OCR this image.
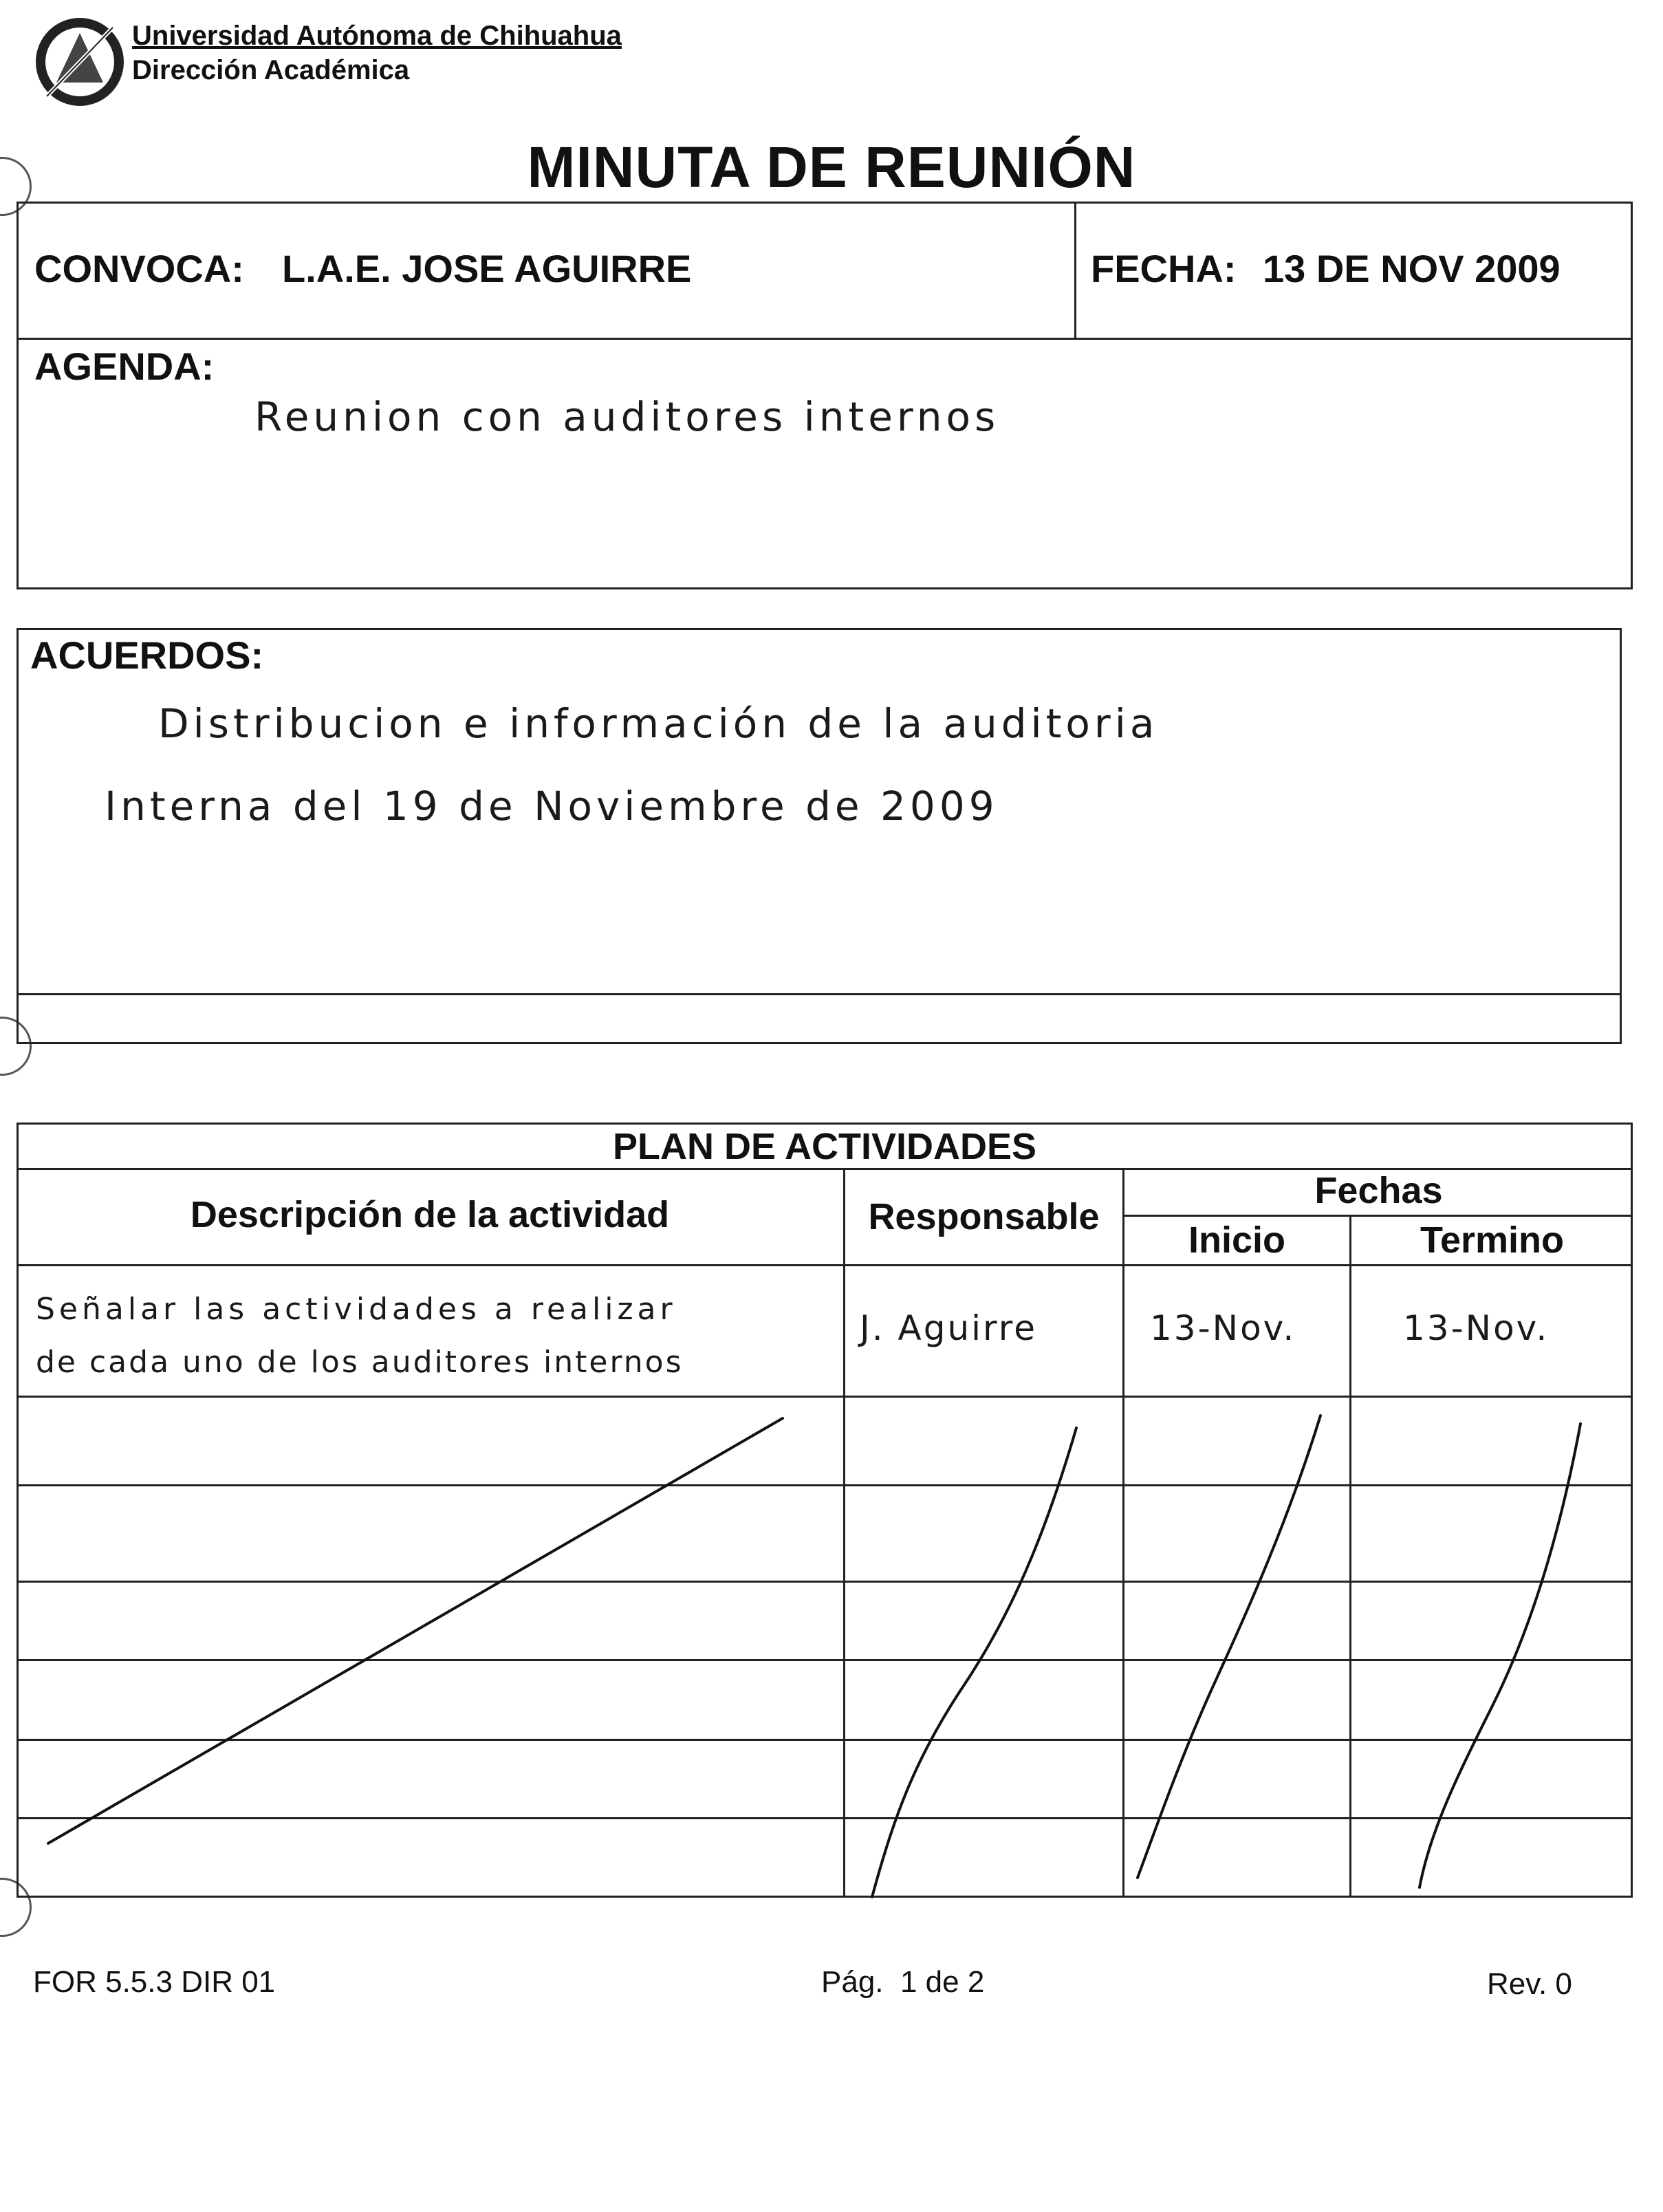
Universidad Autónoma de Chihuahua
Dirección Académica
MINUTA DE REUNIÓN
CONVOCA: L.A.E. JOSE AGUIRRE	FECHA: 13 DE NOV 2009
AGENDA:
Reunion con auditores internos
ACUERDOS:
Distribucion e información de la auditoria
Interna del 19 de Noviembre de 2009
PLAN DE ACTIVIDADES
Descripción de la actividad	Responsable
Fechas
Inicio	Termino
Señalar las actividades a realizar
de cada uno de los auditores internos
J. Aguirre	13-Nov.	13-Nov.
FOR 5.5.3 DIR 01	Pág.  1 de 2	Rev. 0
